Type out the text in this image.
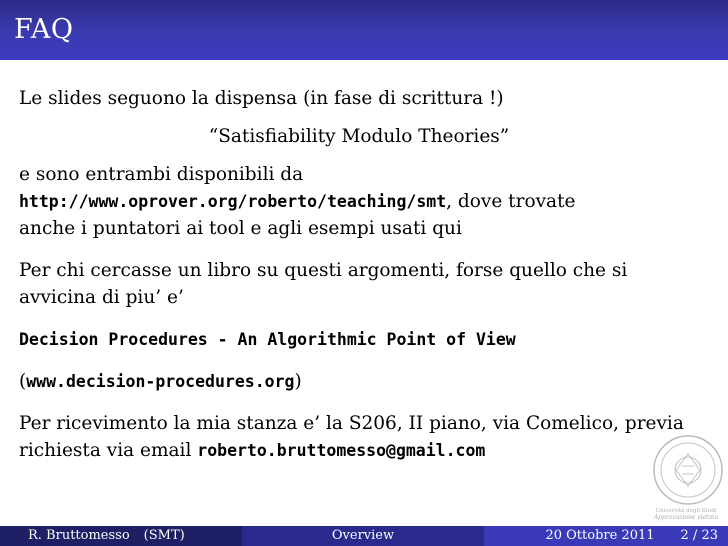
FAQ

Le slides seguono la dispensa (in fase di scrittura !)

“Satisfiability Modulo Theories”

e sono entrambi disponibili da

http://www.oprover.org/roberto/teaching/smt, dove trovate

anche i puntatori ai tool e agli esempi usati qui

Per chi cercasse un libro su questi argomenti, forse quello che si

avvicina di piu’ e’

Decision Procedures - An Algorithmic Point of View

(www.decision-procedures.org)

Per ricevimento la mia stanza e’ la S206, II piano, via Comelico, previa

richiesta via email roberto.bruttomesso@gmail.com

Università degli Studi
Approvazione vietata
R. Bruttomesso (SMT)	Overview	20 Ottobre 2011 2 / 23
